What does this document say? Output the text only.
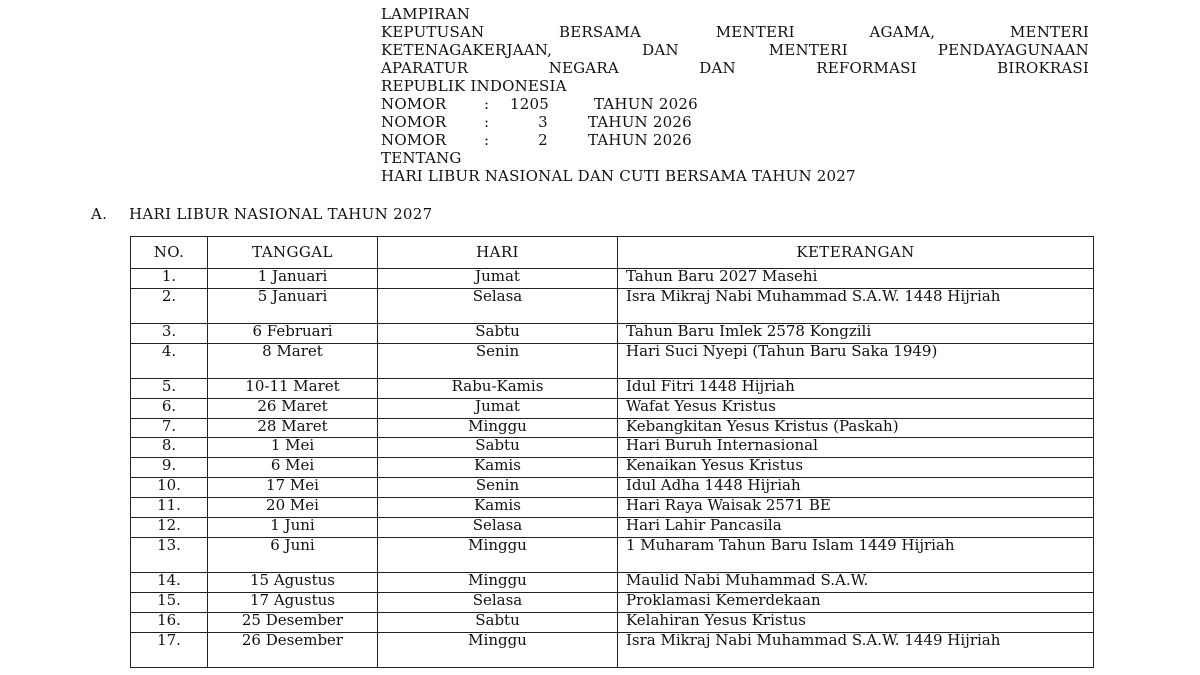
LAMPIRAN
KEPUTUSAN BERSAMA MENTERI AGAMA, MENTERI
KETENAGAKERJAAN, DAN MENTERI PENDAYAGUNAAN
APARATUR NEGARA DAN REFORMASI BIROKRASI
REPUBLIK INDONESIA
NOMOR	:	1205	TAHUN 2026
NOMOR	:	3	TAHUN 2026
NOMOR	:	2	TAHUN 2026
TENTANG
HARI LIBUR NASIONAL DAN CUTI BERSAMA TAHUN 2027
A. HARI LIBUR NASIONAL TAHUN 2027
NO.	TANGGAL	HARI	KETERANGAN
1.	1 Januari	Jumat	Tahun Baru 2027 Masehi
2.	5 Januari	Selasa	Isra Mikraj Nabi Muhammad S.A.W. 1448 Hijriah
3.	6 Februari	Sabtu	Tahun Baru Imlek 2578 Kongzili
4.	8 Maret	Senin	Hari Suci Nyepi (Tahun Baru Saka 1949)
5.	10-11 Maret	Rabu-Kamis	Idul Fitri 1448 Hijriah
6.	26 Maret	Jumat	Wafat Yesus Kristus
7.	28 Maret	Minggu	Kebangkitan Yesus Kristus (Paskah)
8.	1 Mei	Sabtu	Hari Buruh Internasional
9.	6 Mei	Kamis	Kenaikan Yesus Kristus
10.	17 Mei	Senin	Idul Adha 1448 Hijriah
11.	20 Mei	Kamis	Hari Raya Waisak 2571 BE
12.	1 Juni	Selasa	Hari Lahir Pancasila
13.	6 Juni	Minggu	1 Muharam Tahun Baru Islam 1449 Hijriah
14.	15 Agustus	Minggu	Maulid Nabi Muhammad S.A.W.
15.	17 Agustus	Selasa	Proklamasi Kemerdekaan
16.	25 Desember	Sabtu	Kelahiran Yesus Kristus
17.	26 Desember	Minggu	Isra Mikraj Nabi Muhammad S.A.W. 1449 Hijriah
